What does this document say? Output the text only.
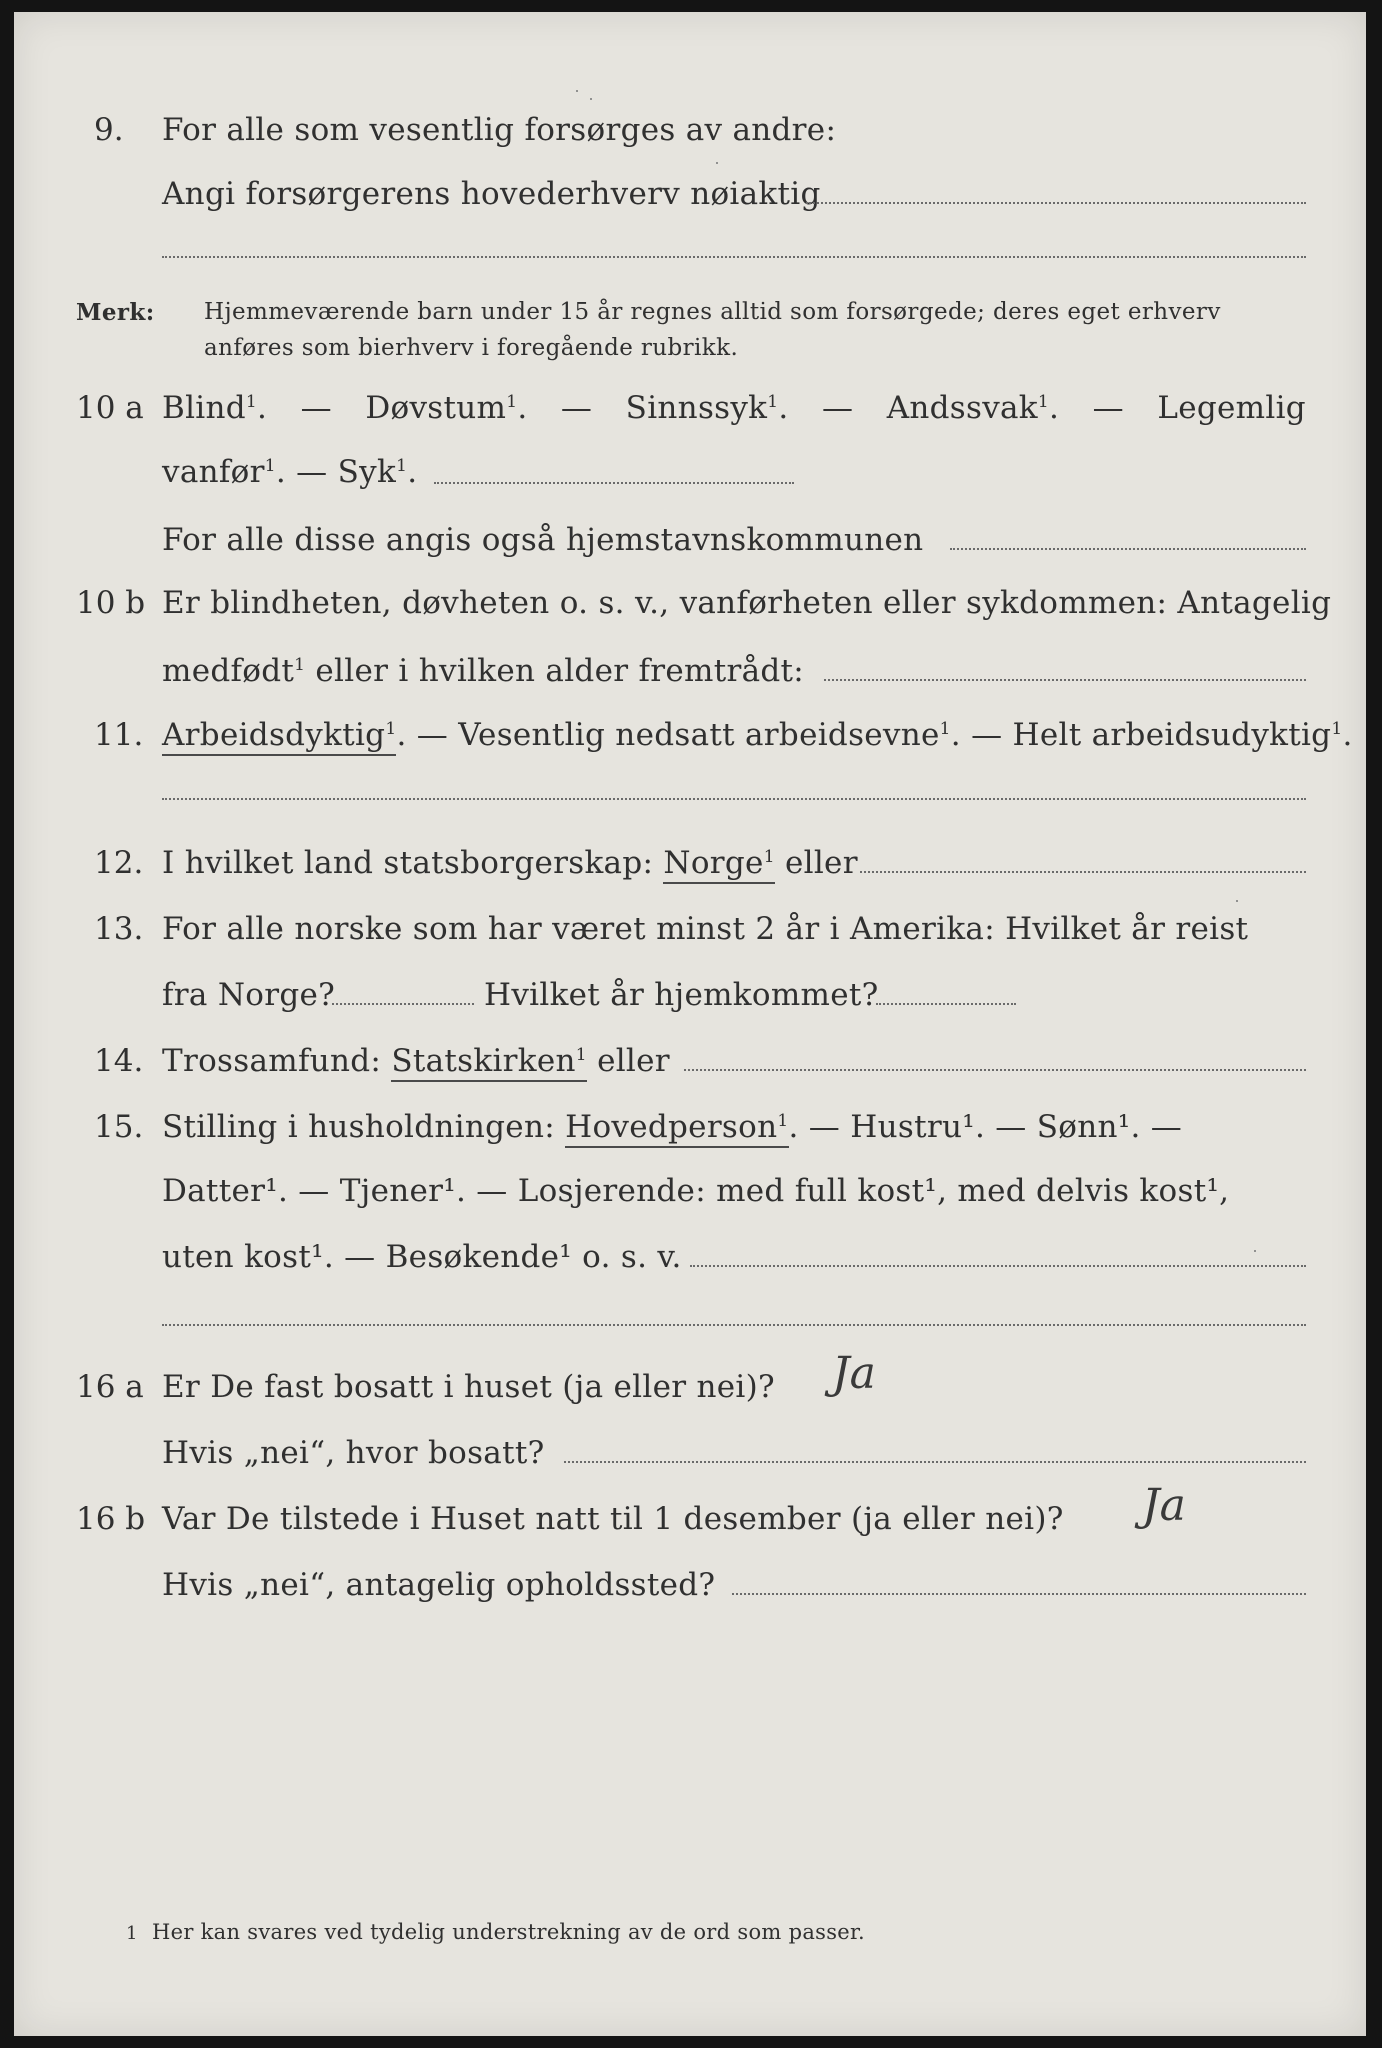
9. For alle som vesentlig forsørges av andre:
Angi forsørgerens hovederhverv nøiaktig
Merk: Hjemmeværende barn under 15 år regnes alltid som forsørgede; deres eget erhverv
anføres som bierhverv i foregående rubrikk.
10 a Blind$^1$. — Døvstum$^1$. — Sinnssyk$^1$. — Andssvak$^1$. — Legemlig
vanfør$^1$. — Syk$^1$.
For alle disse angis også hjemstavnskommunen
10 b Er blindheten, døvheten o. s. v., vanførheten eller sykdommen: Antagelig
medfødt$^1$ eller i hvilken alder fremtrådt:
11. Arbeidsdyktig$^1$. — Vesentlig nedsatt arbeidsevne$^1$. — Helt arbeidsudyktig$^1$.
12. I hvilket land statsborgerskap: Norge$^1$ eller
13. For alle norske som har været minst 2 år i Amerika: Hvilket år reist
fra Norge?	Hvilket år hjemkommet?
14. Trossamfund: Statskirken$^1$ eller
15. Stilling i husholdningen: Hovedperson$^1$. — Hustru¹. — Sønn¹. —
Datter¹. — Tjener¹. — Losjerende: med full kost¹, med delvis kost¹,
uten kost¹. — Besøkende¹ o. s. v.
16 a Er De fast bosatt i huset (ja eller nei)? Ja
Hvis „nei“, hvor bosatt?
16 b Var De tilstede i Huset natt til 1 desember (ja eller nei)? Ja
Hvis „nei“, antagelig opholdssted?
1 Her kan svares ved tydelig understrekning av de ord som passer.
